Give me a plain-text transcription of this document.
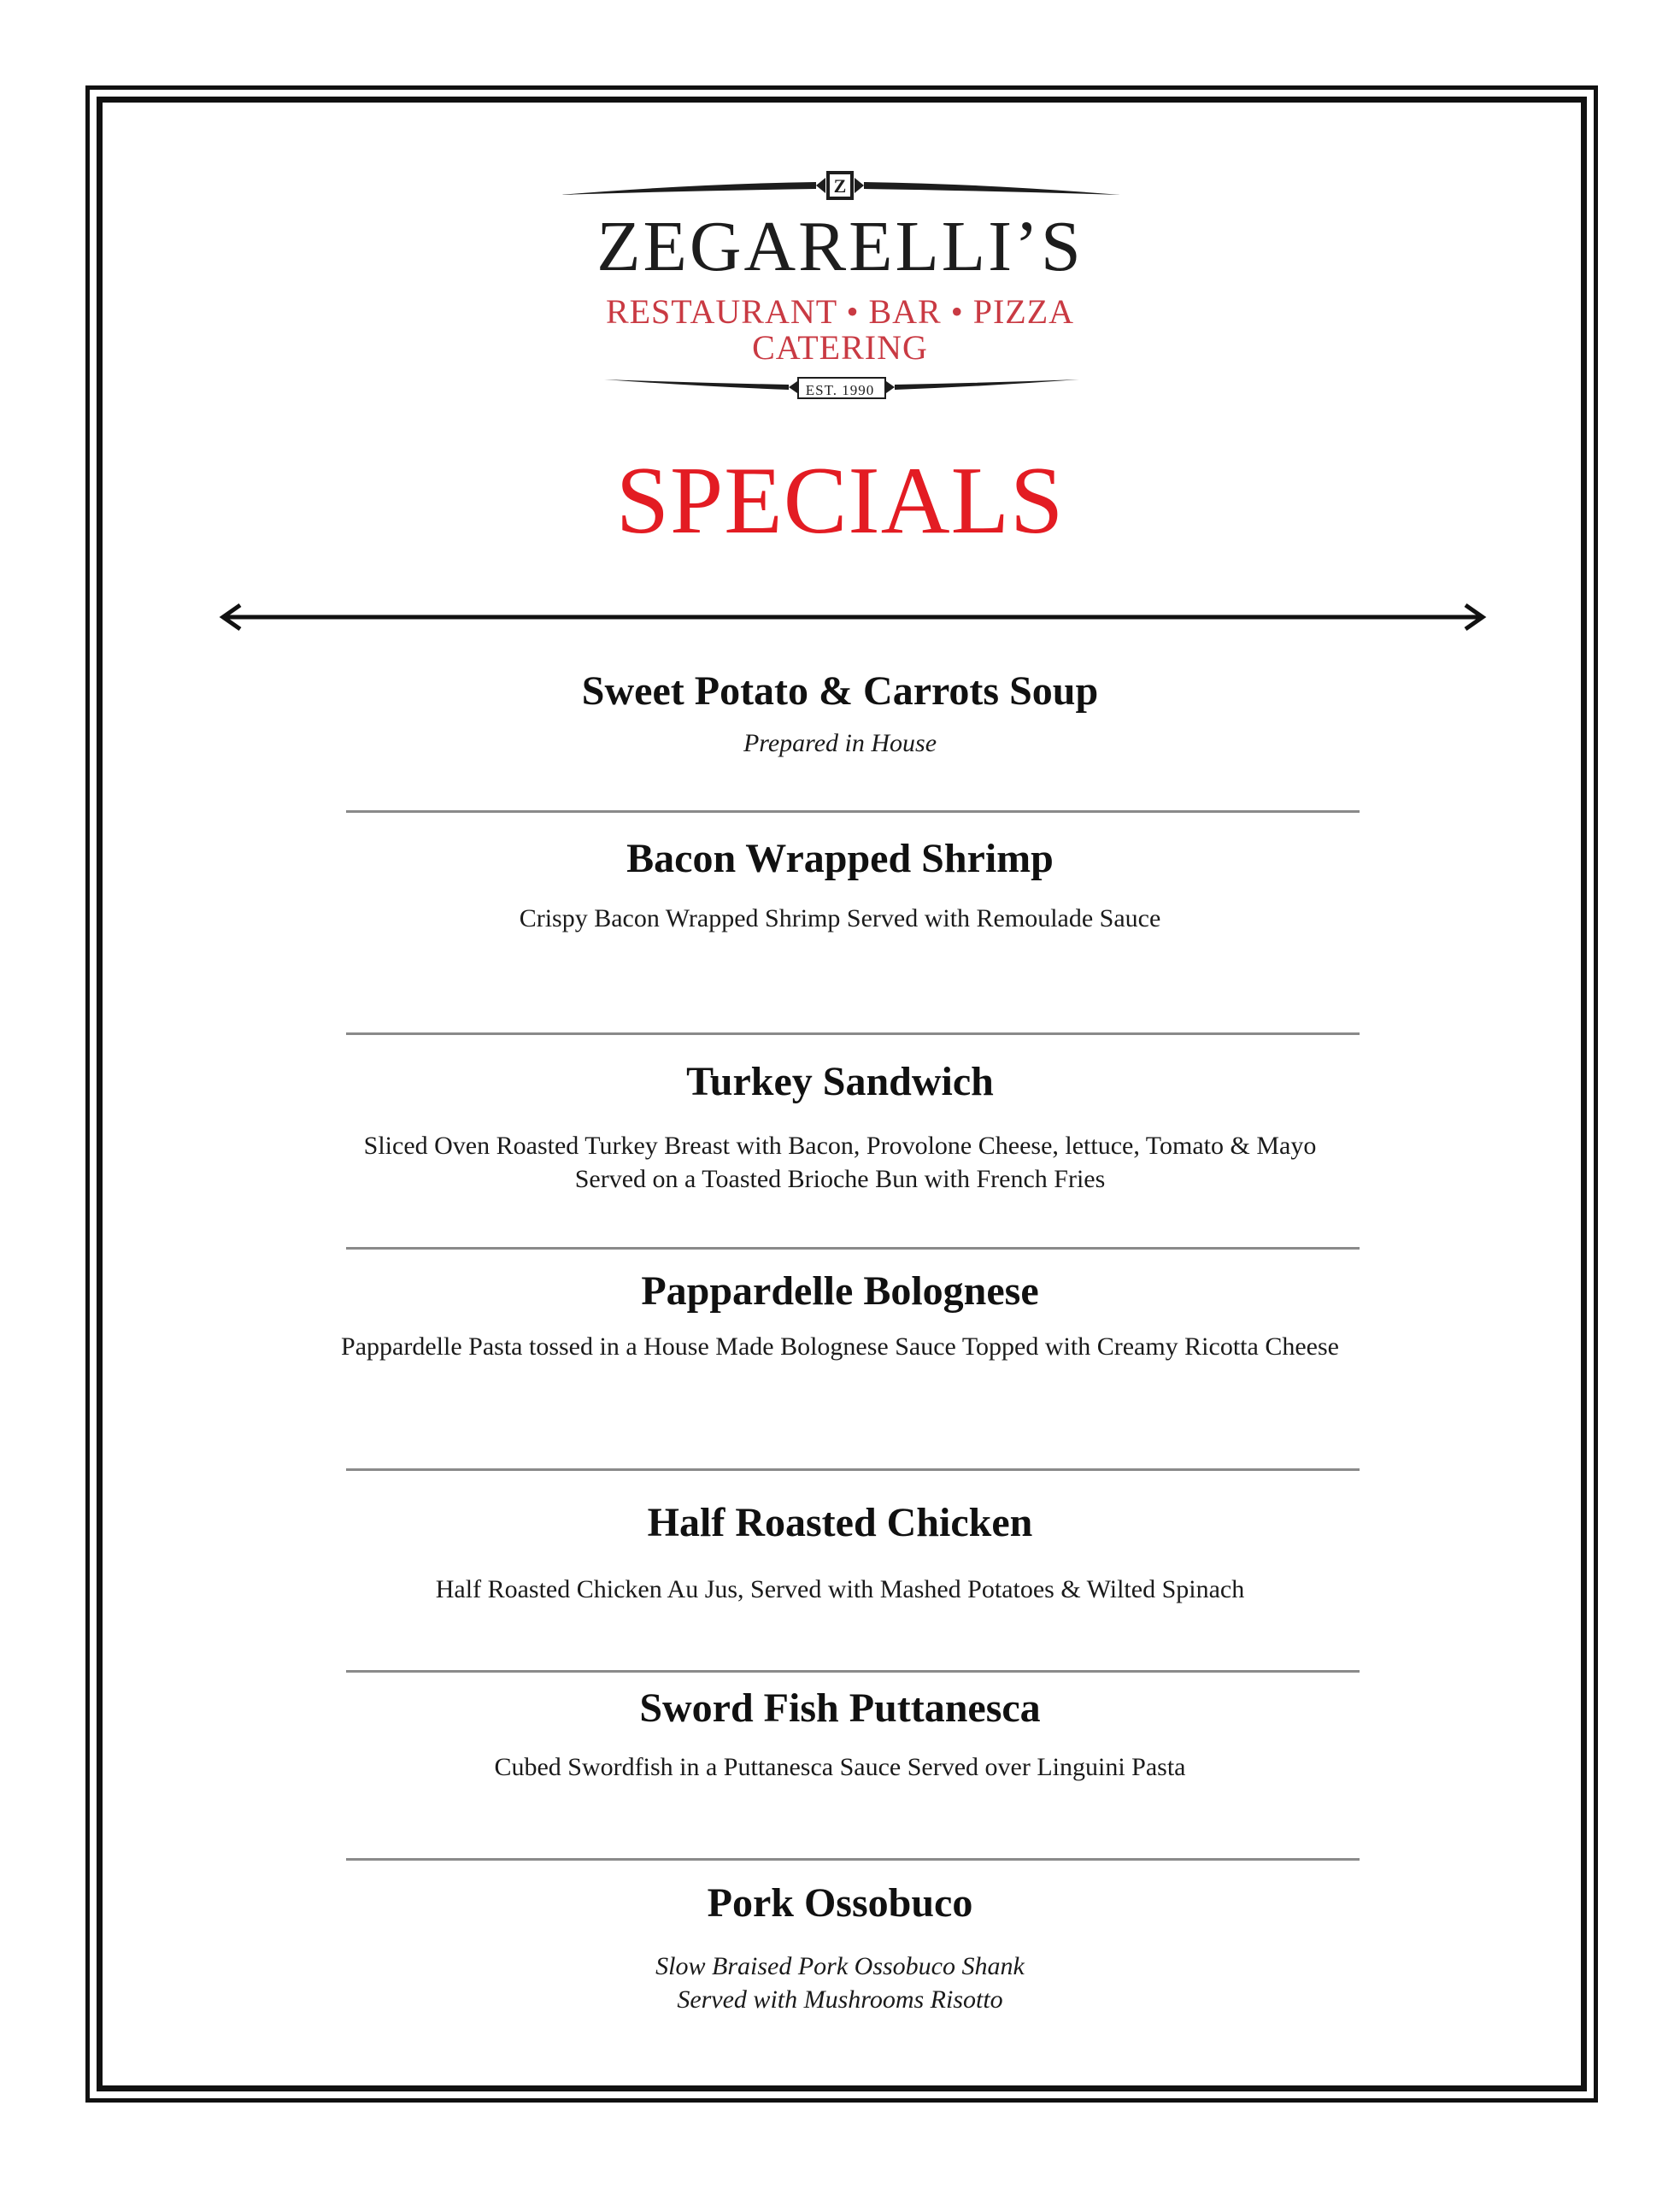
Z
ZEGARELLI’S
RESTAURANT • BAR • PIZZA
CATERING
EST. 1990
SPECIALS
Sweet Potato & Carrots Soup
Prepared in House
Bacon Wrapped Shrimp
Crispy Bacon Wrapped Shrimp Served with Remoulade Sauce
Turkey Sandwich
Sliced Oven Roasted Turkey Breast with Bacon, Provolone Cheese, lettuce, Tomato & Mayo
Served on a Toasted Brioche Bun with French Fries
Pappardelle Bolognese
Pappardelle Pasta tossed in a House Made Bolognese Sauce Topped with Creamy Ricotta Cheese
Half Roasted Chicken
Half Roasted Chicken Au Jus, Served with Mashed Potatoes & Wilted Spinach
Sword Fish Puttanesca
Cubed Swordfish in a Puttanesca Sauce Served over Linguini Pasta
Pork Ossobuco
Slow Braised Pork Ossobuco Shank
Served with Mushrooms Risotto
